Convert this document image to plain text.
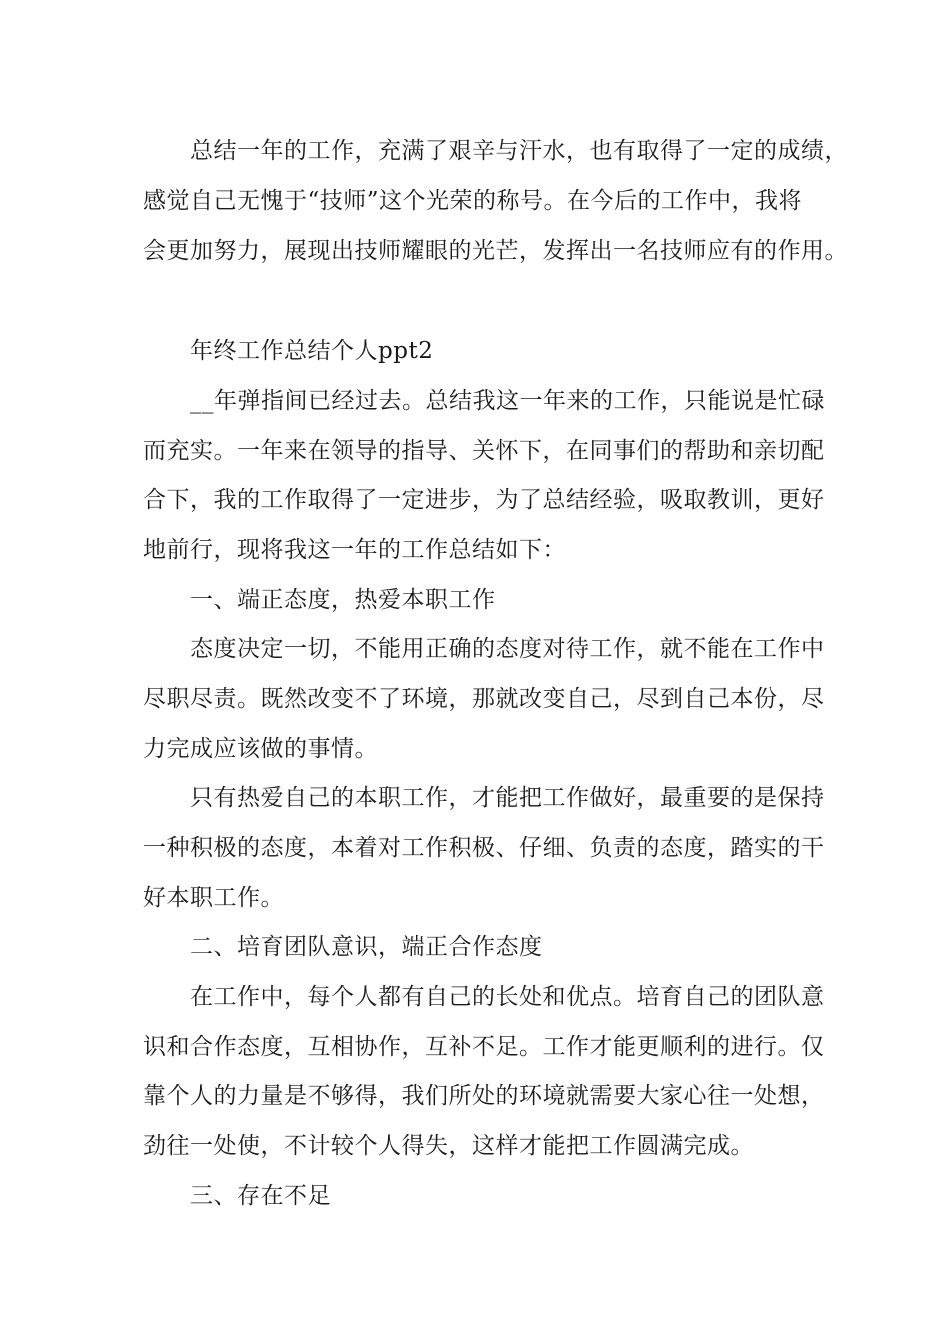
总结一年的工作，充满了艰辛与汗水，也有取得了一定的成绩，
感觉自己无愧于“技师”这个光荣的称号。在今后的工作中，我将
会更加努力，展现出技师耀眼的光芒，发挥出一名技师应有的作用。
年终工作总结个人ppt2
__年弹指间已经过去。总结我这一年来的工作，只能说是忙碌
而充实。一年来在领导的指导、关怀下，在同事们的帮助和亲切配
合下，我的工作取得了一定进步，为了总结经验，吸取教训，更好
地前行，现将我这一年的工作总结如下：
一、端正态度，热爱本职工作
态度决定一切，不能用正确的态度对待工作，就不能在工作中
尽职尽责。既然改变不了环境，那就改变自己，尽到自己本份，尽
力完成应该做的事情。
只有热爱自己的本职工作，才能把工作做好，最重要的是保持
一种积极的态度，本着对工作积极、仔细、负责的态度，踏实的干
好本职工作。
二、培育团队意识，端正合作态度
在工作中，每个人都有自己的长处和优点。培育自己的团队意
识和合作态度，互相协作，互补不足。工作才能更顺利的进行。仅
靠个人的力量是不够得，我们所处的环境就需要大家心往一处想，
劲往一处使，不计较个人得失，这样才能把工作圆满完成。
三、存在不足
